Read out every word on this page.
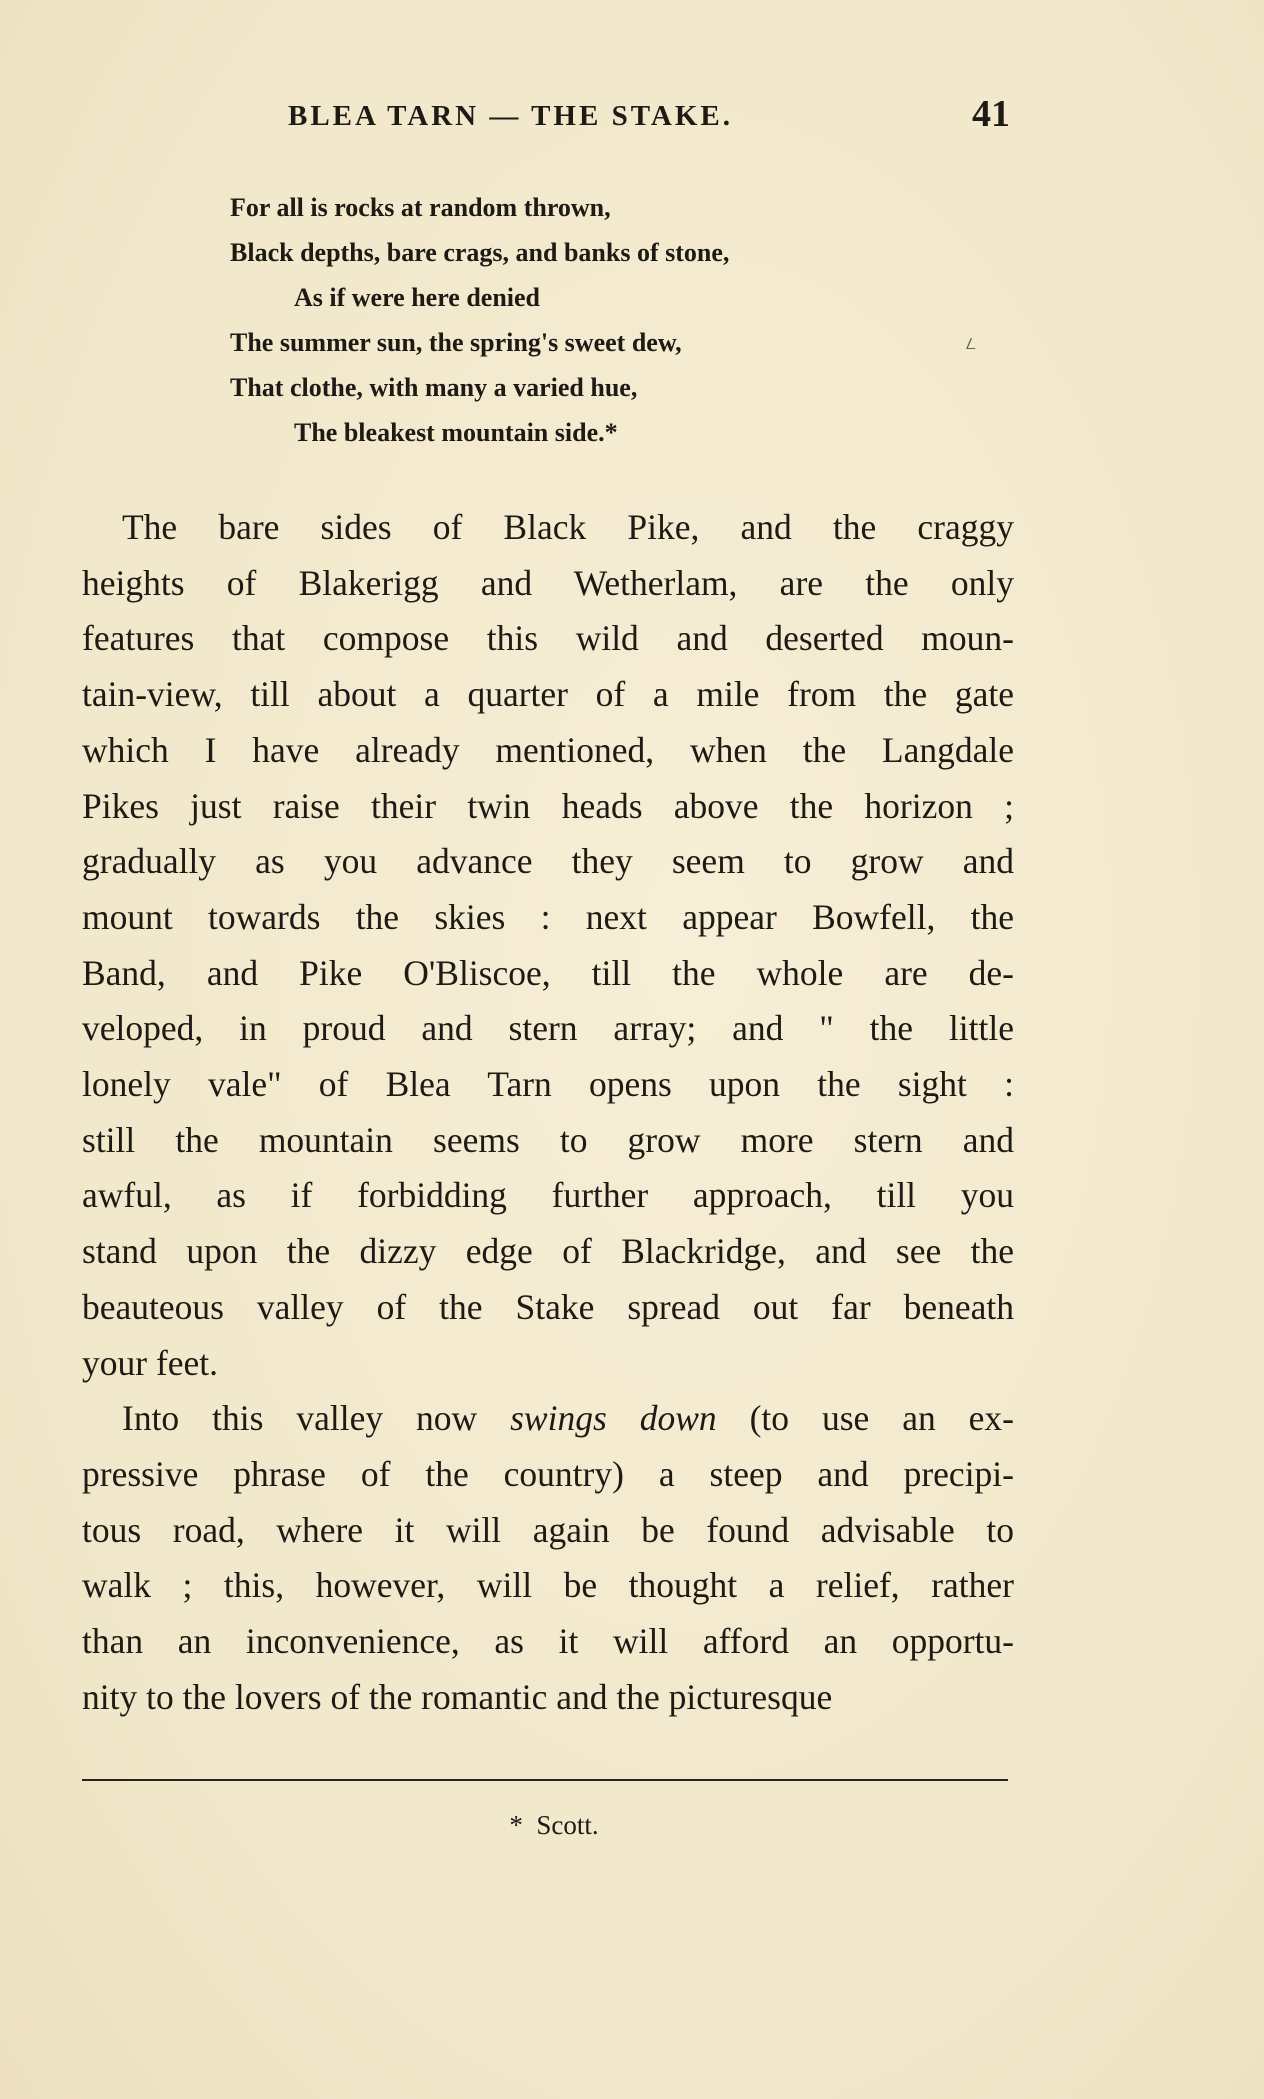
BLEA TARN — THE STAKE.	41
For all is rocks at random thrown,
Black depths, bare crags, and banks of stone,
As if were here denied
The summer sun, the spring's sweet dew,
That clothe, with many a varied hue,
The bleakest mountain side.*
⎳

The bare sides of Black Pike, and the craggy
heights of Blakerigg and Wetherlam, are the only
features that compose this wild and deserted moun-
tain-view, till about a quarter of a mile from the gate
which I have already mentioned, when the Langdale
Pikes just raise their twin heads above the horizon ;
gradually as you advance they seem to grow and
mount towards the skies : next appear Bowfell, the
Band, and Pike O'Bliscoe, till the whole are de-
veloped, in proud and stern array; and " the little
lonely vale" of Blea Tarn opens upon the sight :
still the mountain seems to grow more stern and
awful, as if forbidding further approach, till you
stand upon the dizzy edge of Blackridge, and see the
beauteous valley of the Stake spread out far beneath
your feet.

Into this valley now swings down (to use an ex-
pressive phrase of the country) a steep and precipi-
tous road, where it will again be found advisable to
walk ; this, however, will be thought a relief, rather
than an inconvenience, as it will afford an opportu-
nity to the lovers of the romantic and the picturesque

* Scott.
